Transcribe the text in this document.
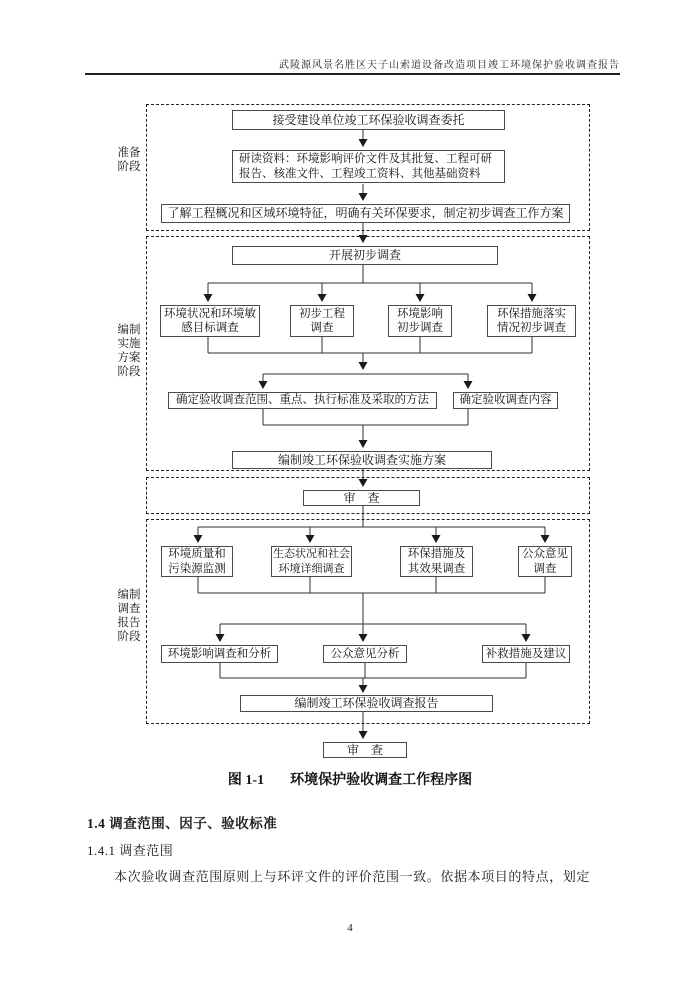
武陵源风景名胜区天子山索道设备改造项目竣工环境保护验收调查报告
准备阶段
编制实施方案阶段
编制调查报告阶段
接受建设单位竣工环保验收调查委托
研读资料：环境影响评价文件及其批复、工程可研报告、核准文件、工程竣工资料、其他基础资料
了解工程概况和区域环境特征，明确有关环保要求，制定初步调查工作方案
开展初步调查
环境状况和环境敏感目标调查
初步工程调查
环境影响初步调查
环保措施落实情况初步调查
确定验收调查范围、重点、执行标准及采取的方法	确定验收调查内容
编制竣工环保验收调查实施方案
审　查
环境质量和污染源监测
生态状况和社会环境详细调查
环保措施及其效果调查
公众意见调查
环境影响调查和分析	公众意见分析	补救措施及建议
编制竣工环保验收调查报告
审　查
图 1-1 环境保护验收调查工作程序图
1.4 调查范围、因子、验收标准
1.4.1 调查范围
本次验收调查范围原则上与环评文件的评价范围一致。依据本项目的特点，划定
4
